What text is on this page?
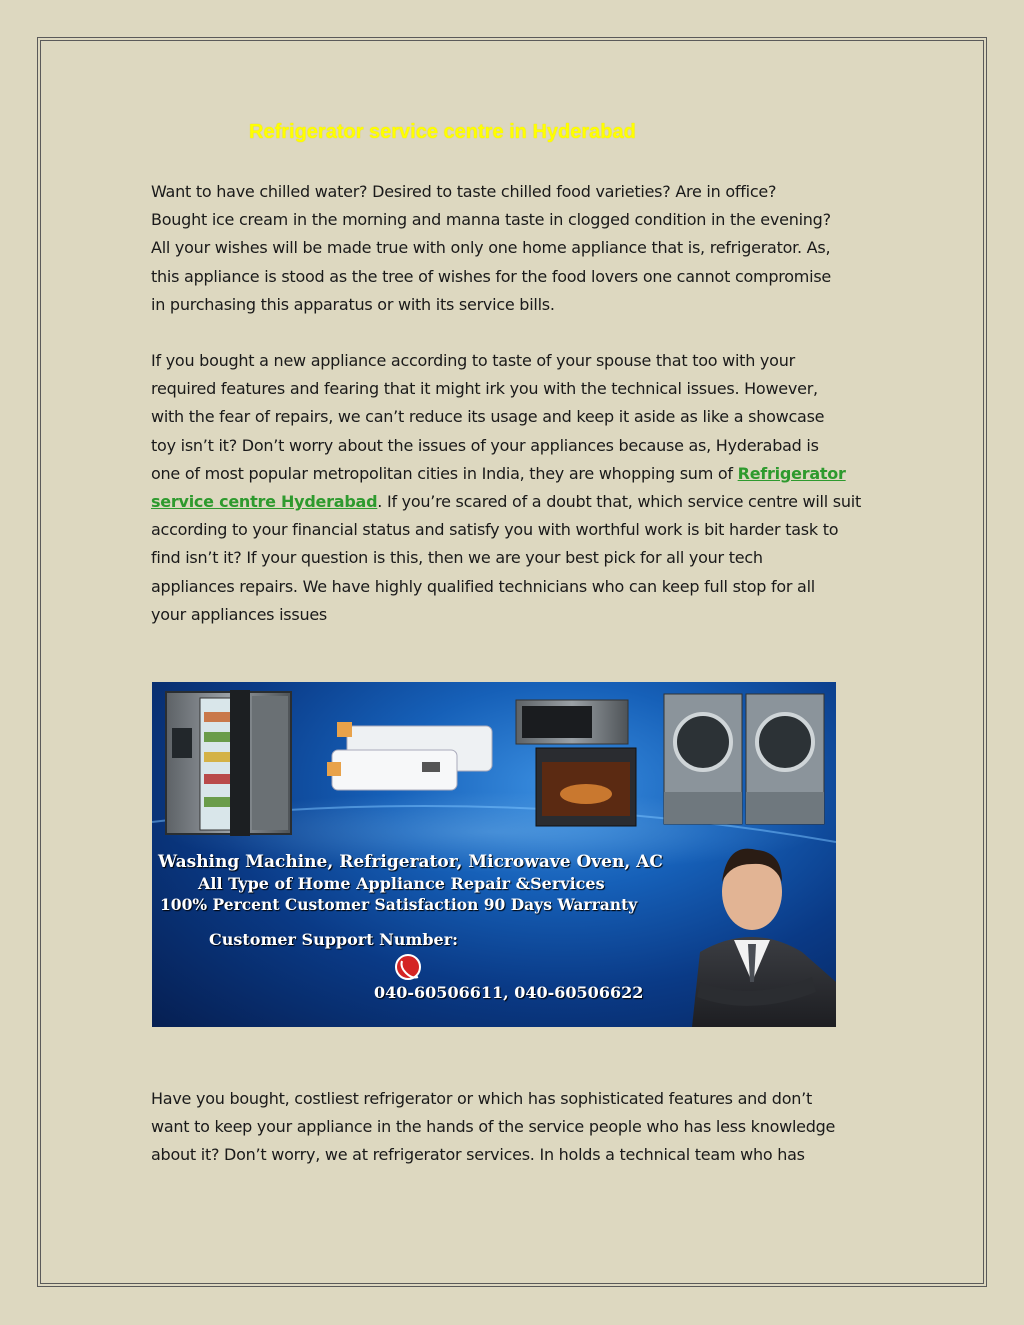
Refrigerator service centre in Hyderabad
Want to have chilled water? Desired to taste chilled food varieties? Are in office?
Bought ice cream in the morning and manna taste in clogged condition in the evening?
All your wishes will be made true with only one home appliance that is, refrigerator. As,
this appliance is stood as the tree of wishes for the food lovers one cannot compromise
in purchasing this apparatus or with its service bills.
If you bought a new appliance according to taste of your spouse that too with your
required features and fearing that it might irk you with the technical issues. However,
with the fear of repairs, we can’t reduce its usage and keep it aside as like a showcase
toy isn’t it? Don’t worry about the issues of your appliances because as, Hyderabad is
one of most popular metropolitan cities in India, they are whopping sum of Refrigerator
service centre Hyderabad. If you’re scared of a doubt that, which service centre will suit
according to your financial status and satisfy you with worthful work is bit harder task to
find isn’t it? If your question is this, then we are your best pick for all your tech
appliances repairs. We have highly qualified technicians who can keep full stop for all
your appliances issues
Washing Machine, Refrigerator, Microwave Oven, AC
All Type of Home Appliance Repair &Services
100% Percent Customer Satisfaction 90 Days Warranty
Customer Support Number:
040-60506611, 040-60506622
Have you bought, costliest refrigerator or which has sophisticated features and don’t
want to keep your appliance in the hands of the service people who has less knowledge
about it? Don’t worry, we at refrigerator services. In holds a technical team who has
